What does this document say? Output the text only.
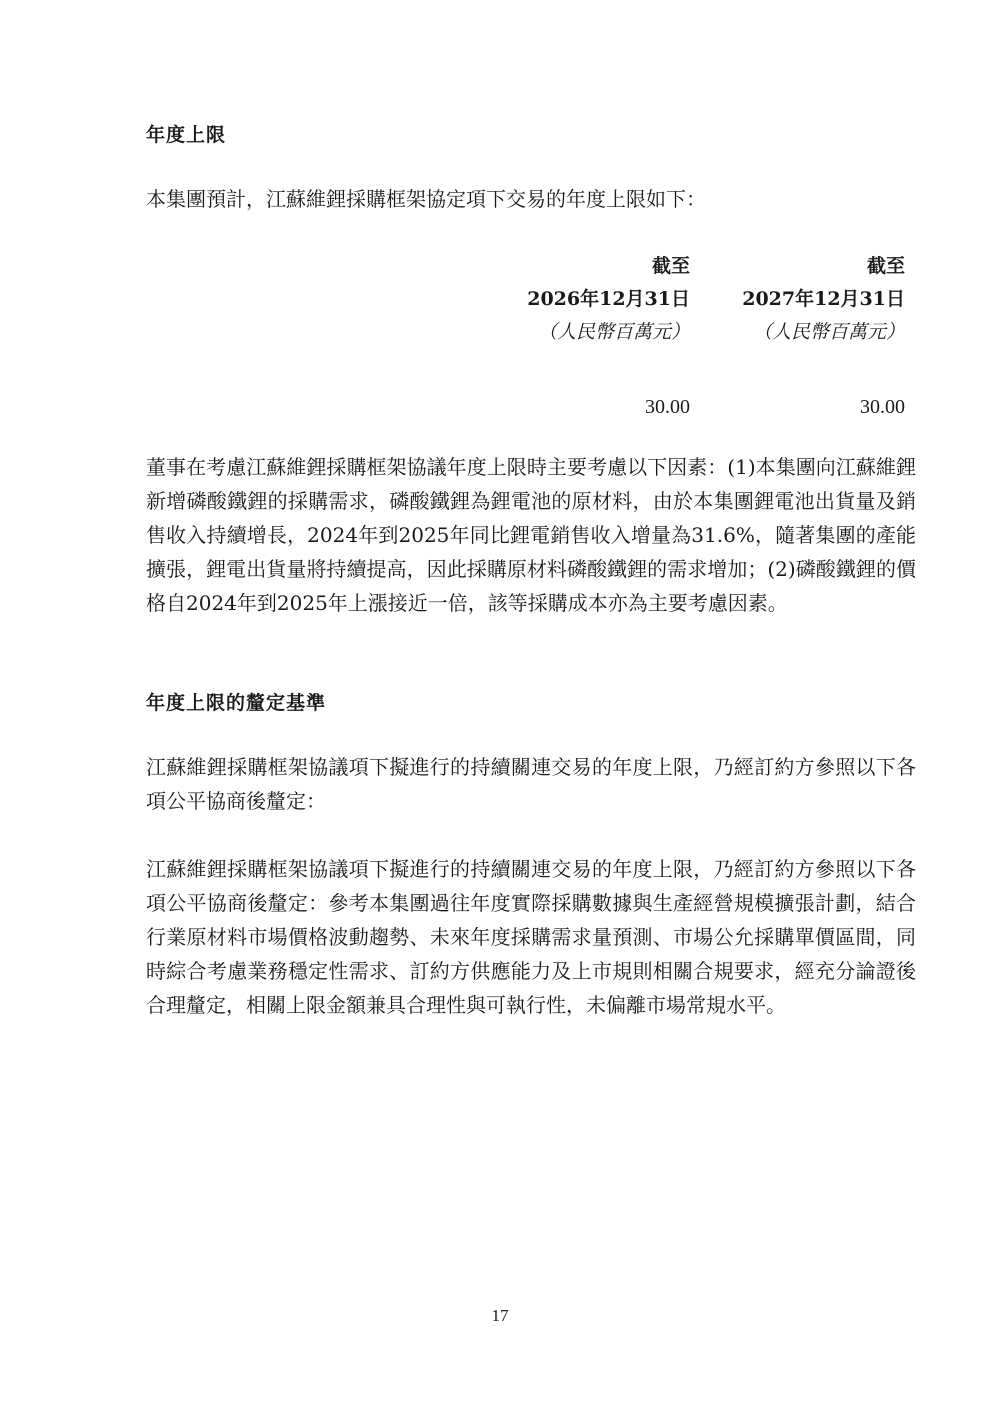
年度上限
本集團預計，江蘇維鋰採購框架協定項下交易的年度上限如下：
截至
2026年12月31日
（人民幣百萬元）
30.00
截至
2027年12月31日
（人民幣百萬元）
30.00
董事在考慮江蘇維鋰採購框架協議年度上限時主要考慮以下因素：(1)本集團向江蘇維鋰新增磷酸鐵鋰的採購需求，磷酸鐵鋰為鋰電池的原材料，由於本集團鋰電池出貨量及銷售收入持續增長，2024年到2025年同比鋰電銷售收入增量為31.6%，隨著集團的產能擴張，鋰電出貨量將持續提高，因此採購原材料磷酸鐵鋰的需求增加；(2)磷酸鐵鋰的價格自2024年到2025年上漲接近一倍，該等採購成本亦為主要考慮因素。
年度上限的釐定基準
江蘇維鋰採購框架協議項下擬進行的持續關連交易的年度上限，乃經訂約方參照以下各項公平協商後釐定：
江蘇維鋰採購框架協議項下擬進行的持續關連交易的年度上限，乃經訂約方參照以下各項公平協商後釐定：參考本集團過往年度實際採購數據與生產經營規模擴張計劃，結合行業原材料市場價格波動趨勢、未來年度採購需求量預測、市場公允採購單價區間，同時綜合考慮業務穩定性需求、訂約方供應能力及上市規則相關合規要求，經充分論證後合理釐定，相關上限金額兼具合理性與可執行性，未偏離市場常規水平。
17
